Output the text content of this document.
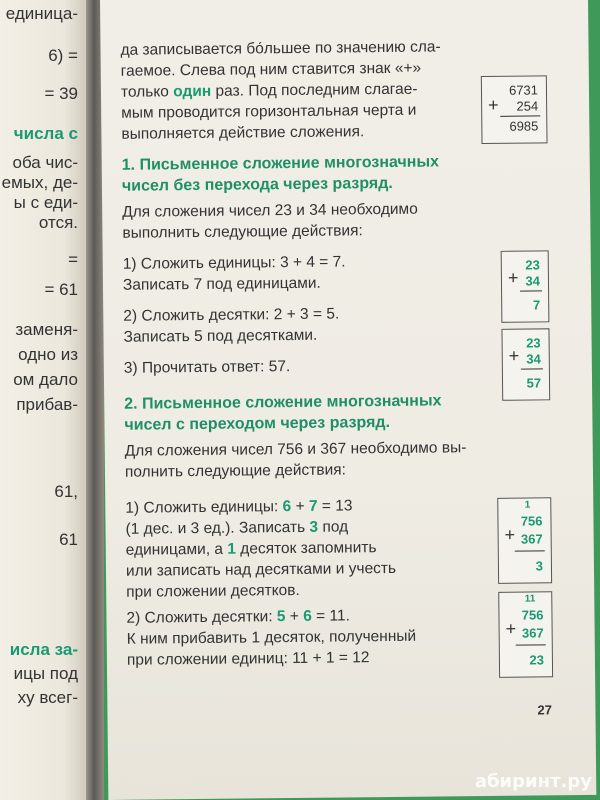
единица-
6) =
= 39
числа с
оба чис-
емых, де-
ы с еди-
отся.
=
= 61
заменя-
одно из
ом дало
прибав-
61,
61
исла за-
ицы под
ху всег-

да записывается бо́льшее по значению сла-

гаемое. Слева под ним ставится знак «+»

только один раз. Под последним слагае-

мым проводится горизонтальная черта и

выполняется действие сложения.

+
6731
254
6985

1. Письменное сложение многозначных

чисел без перехода через разряд.

Для сложения чисел 23 и 34 необходимо

выполнить следующие действия:

1) Сложить единицы: 3 + 4 = 7.

Записать 7 под единицами.

2) Сложить десятки: 2 + 3 = 5.

Записать 5 под десятками.

3) Прочитать ответ: 57.

+
23
34
7
+
23
34
57

2. Письменное сложение многозначных

чисел с переходом через разряд.

Для сложения чисел 756 и 367 необходимо вы-

полнить следующие действия:

1) Сложить единицы: 6 + 7 = 13

(1 дес. и 3 ед.). Записать 3 под

единицами, а 1 десяток запомнить

или записать над десятками и учесть

при сложении десятков.

2) Сложить десятки: 5 + 6 = 11.

К ним прибавить 1 десяток, полученный

при сложении единиц: 11 + 1 = 12

1
+
756
367
3
11
+
756
367
23
27
абиринт.ру
